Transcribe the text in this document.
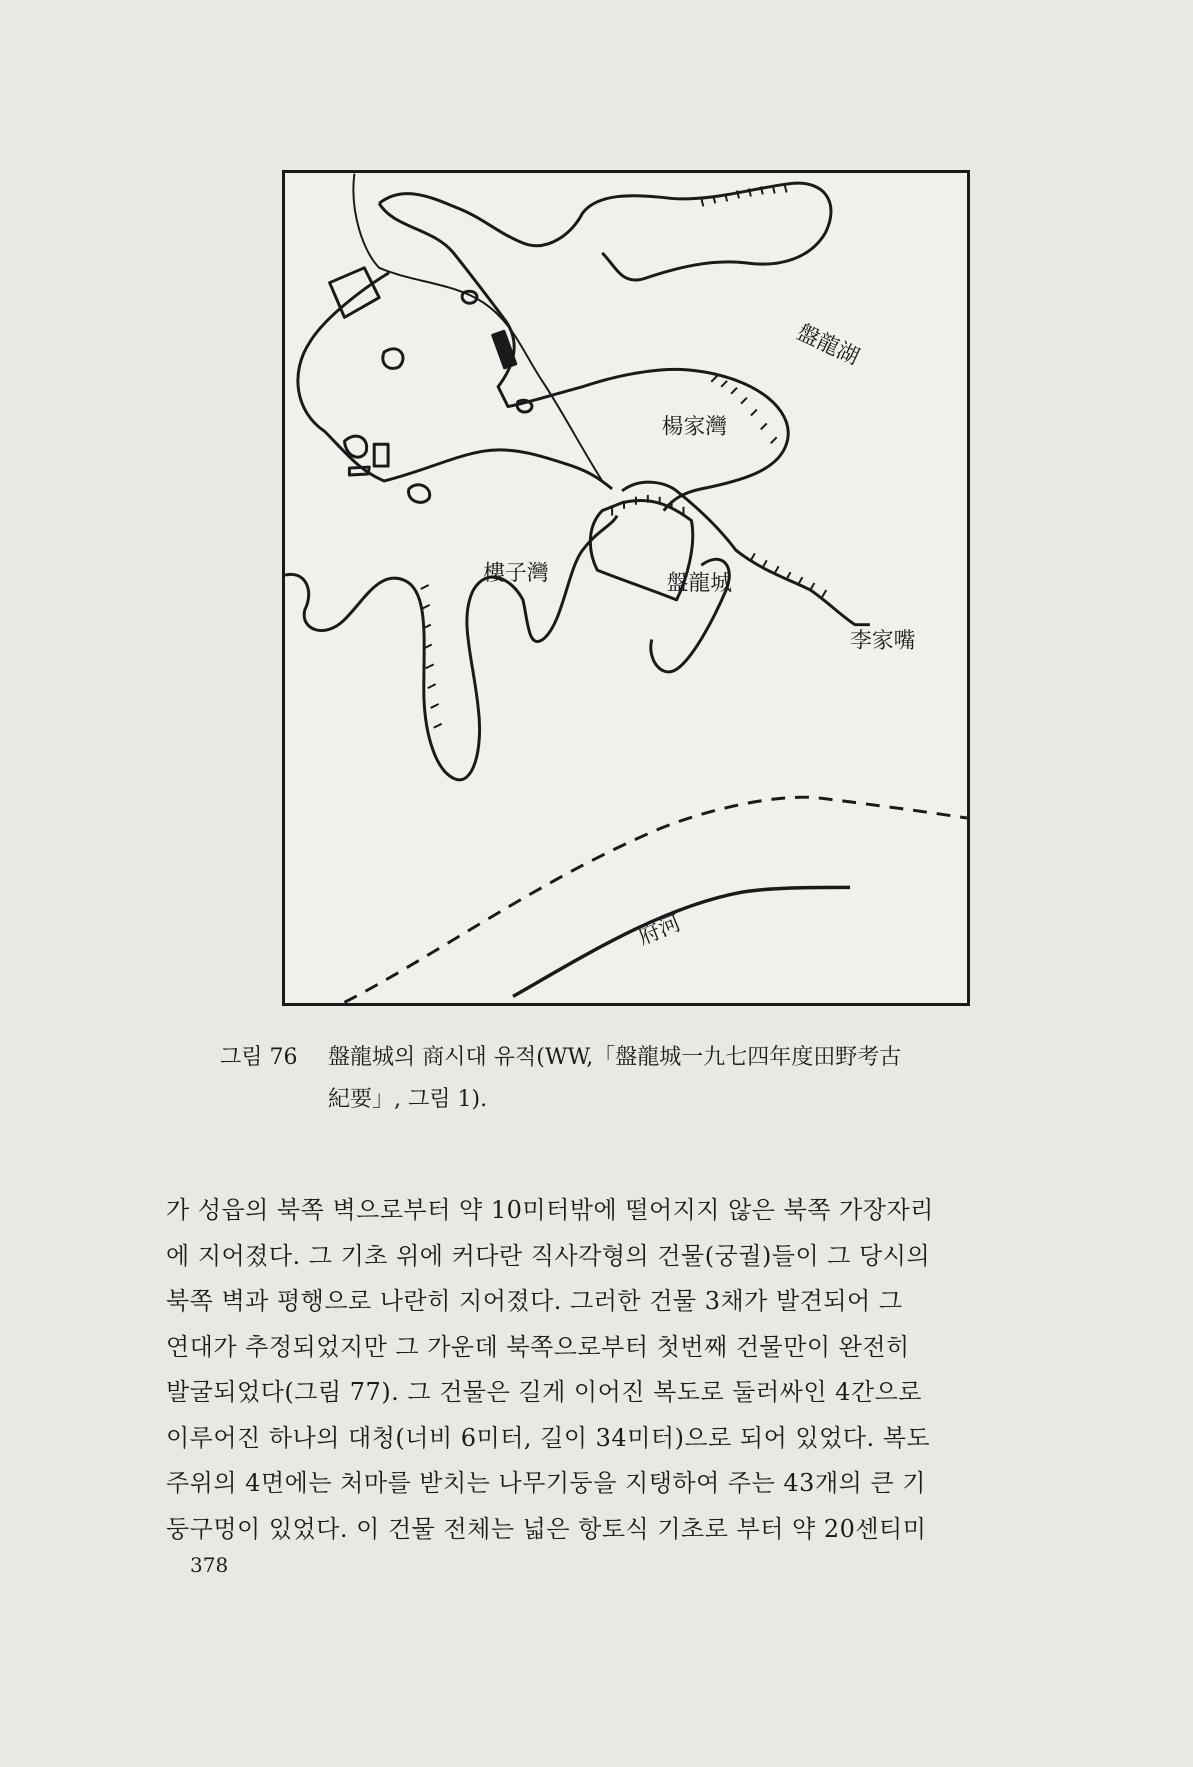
盤龍湖
楊家灣
樓子灣	盤龍城
李家嘴
府河
그림 76 盤龍城의 商시대 유적(WW,「盤龍城一九七四年度田野考古
紀要」, 그림 1).

가 성읍의 북쪽 벽으로부터 약 10미터밖에 떨어지지 않은 북쪽 가장자리

에 지어졌다. 그 기초 위에 커다란 직사각형의 건물(궁궐)들이 그 당시의

북쪽 벽과 평행으로 나란히 지어졌다. 그러한 건물 3채가 발견되어 그

연대가 추정되었지만 그 가운데 북쪽으로부터 첫번째 건물만이 완전히

발굴되었다(그림 77). 그 건물은 길게 이어진 복도로 둘러싸인 4간으로

이루어진 하나의 대청(너비 6미터, 길이 34미터)으로 되어 있었다. 복도

주위의 4면에는 처마를 받치는 나무기둥을 지탱하여 주는 43개의 큰 기

둥구멍이 있었다. 이 건물 전체는 넓은 항토식 기초로 부터 약 20센티미

378
